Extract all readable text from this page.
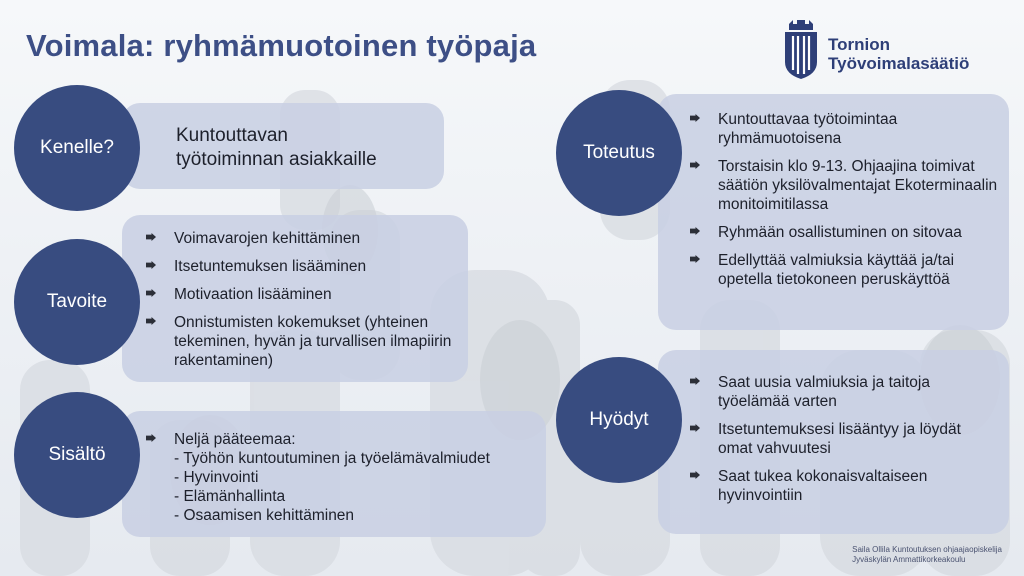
Voimala: ryhmämuotoinen työpaja	Tornion
Työvoimalasäätiö
Kuntouttavan
työtoiminnan asiakkaille
Kenelle?
Voimavarojen kehittäminen
Itsetuntemuksen lisääminen
Motivaation lisääminen
Onnistumisten kokemukset (yhteinen tekeminen, hyvän ja turvallisen ilmapiirin rakentaminen)
Tavoite
Neljä pääteemaa:
- Työhön kuntoutuminen ja työelämävalmiudet
- Hyvinvointi
- Elämänhallinta
- Osaamisen kehittäminen
Sisältö
Kuntouttavaa työtoimintaa ryhmämuotoisena
Torstaisin klo 9-13. Ohjaajina toimivat säätiön yksilövalmentajat Ekoterminaalin monitoimitilassa
Ryhmään osallistuminen on sitovaa
Edellyttää valmiuksia käyttää ja/tai opetella tietokoneen peruskäyttöä
Toteutus
Saat uusia valmiuksia ja taitoja työelämää varten
Itsetuntemuksesi lisääntyy ja löydät omat vahvuutesi
Saat tukea kokonaisvaltaiseen hyvinvointiin
Hyödyt
Saila Ollila Kuntoutuksen ohjaajaopiskelija
Jyväskylän Ammattikorkeakoulu
